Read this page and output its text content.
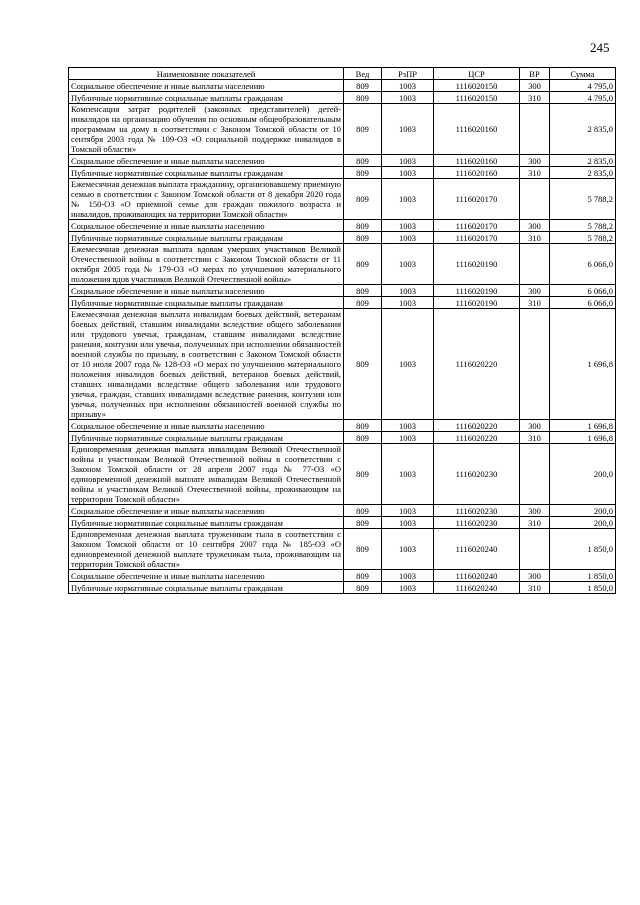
245
Наименование показателей	Вед	РзПР	ЦСР	ВР	Сумма
Социальное обеспечение и иные выплаты населению	809	1003	1116020150	300	4 795,0
Публичные нормативные социальные выплаты гражданам	809	1003	1116020150	310	4 795,0
Компенсация затрат родителей (законных представителей) детей-инвалидов на организацию обучения по основным общеобразовательным программам на дому в соответствии с Законом Томской области от 10 сентября 2003 года № 109-ОЗ «О социальной поддержке инвалидов в Томской области»	809	1003	1116020160		2 835,0
Социальное обеспечение и иные выплаты населению	809	1003	1116020160	300	2 835,0
Публичные нормативные социальные выплаты гражданам	809	1003	1116020160	310	2 835,0
Ежемесячная денежная выплата гражданину, организовавшему приемную семью в соответствии с Законом Томской области от 8 декабря 2020 года № 150-ОЗ «О приемной семье для граждан пожилого возраста и инвалидов, проживающих на территории Томской области»	809	1003	1116020170		5 788,2
Социальное обеспечение и иные выплаты населению	809	1003	1116020170	300	5 788,2
Публичные нормативные социальные выплаты гражданам	809	1003	1116020170	310	5 788,2
Ежемесячная денежная выплата вдовам умерших участников Великой Отечественной войны в соответствии с Законом Томской области от 11 октября 2005 года № 179-ОЗ «О мерах по улучшению материального положения вдов участников Великой Отечественной войны»	809	1003	1116020190		6 066,0
Социальное обеспечение и иные выплаты населению	809	1003	1116020190	300	6 066,0
Публичные нормативные социальные выплаты гражданам	809	1003	1116020190	310	6 066,0
Ежемесячная денежная выплата инвалидам боевых действий, ветеранам боевых действий, ставшим инвалидами вследствие общего заболевания или трудового увечья, гражданам, ставшим инвалидами вследствие ранения, контузии или увечья, полученных при исполнении обязанностей военной службы по призыву, в соответствии с Законом Томской области от 10 июля 2007 года № 128-ОЗ «О мерах по улучшению материального положения инвалидов боевых действий, ветеранов боевых действий, ставших инвалидами вследствие общего заболевания или трудового увечья, граждан, ставших инвалидами вследствие ранения, контузии или увечья, полученных при исполнении обязанностей военной службы по призыву»	809	1003	1116020220		1 696,8
Социальное обеспечение и иные выплаты населению	809	1003	1116020220	300	1 696,8
Публичные нормативные социальные выплаты гражданам	809	1003	1116020220	310	1 696,8
Единовременная денежная выплата инвалидам Великой Отечественной войны и участникам Великой Отечественной войны в соответствии с Законом Томской области от 28 апреля 2007 года № 77-ОЗ «О единовременной денежной выплате инвалидам Великой Отечественной войны и участникам Великой Отечественной войны, проживающим на территории Томской области»	809	1003	1116020230		200,0
Социальное обеспечение и иные выплаты населению	809	1003	1116020230	300	200,0
Публичные нормативные социальные выплаты гражданам	809	1003	1116020230	310	200,0
Единовременная денежная выплата труженикам тыла в соответствии с Законом Томской области от 10 сентября 2007 года № 185-ОЗ «О единовременной денежной выплате труженикам тыла, проживающим на территории Томской области»	809	1003	1116020240		1 850,0
Социальное обеспечение и иные выплаты населению	809	1003	1116020240	300	1 850,0
Публичные нормативные социальные выплаты гражданам	809	1003	1116020240	310	1 850,0
